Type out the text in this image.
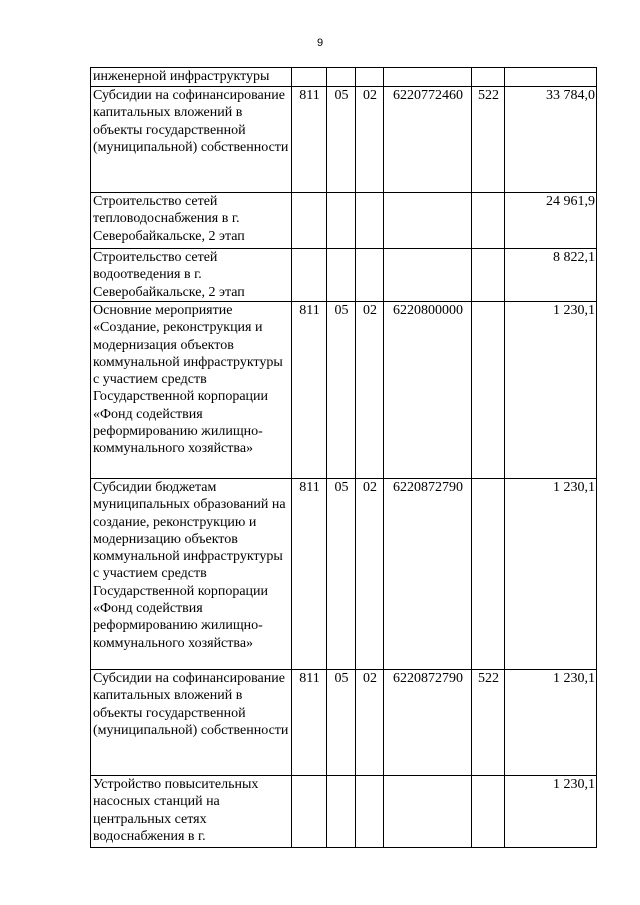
9
инженерной инфраструктуры						
Субсидии на софинансирование капитальных вложений в объекты государственной (муниципальной) собственности	811	05	02	6220772460	522	33 784,0
Строительство сетей тепловодоснабжения в г. Северобайкальске, 2 этап						24 961,9
Строительство сетей водоотведения в г. Северобайкальске, 2 этап						8 822,1
Основние мероприятие «Создание, реконструкция и модернизация объектов коммунальной инфраструктуры с участием средств Государственной корпорации «Фонд содействия реформированию жилищно-коммунального хозяйства»	811	05	02	6220800000		1 230,1
Субсидии бюджетам муниципальных образований на создание, реконструкцию и модернизацию объектов коммунальной инфраструктуры с участием средств Государственной корпорации «Фонд содействия реформированию жилищно-коммунального хозяйства»	811	05	02	6220872790		1 230,1
Субсидии на софинансирование капитальных вложений в объекты государственной (муниципальной) собственности	811	05	02	6220872790	522	1 230,1
Устройство повысительных насосных станций на центральных сетях водоснабжения в г.						1 230,1
